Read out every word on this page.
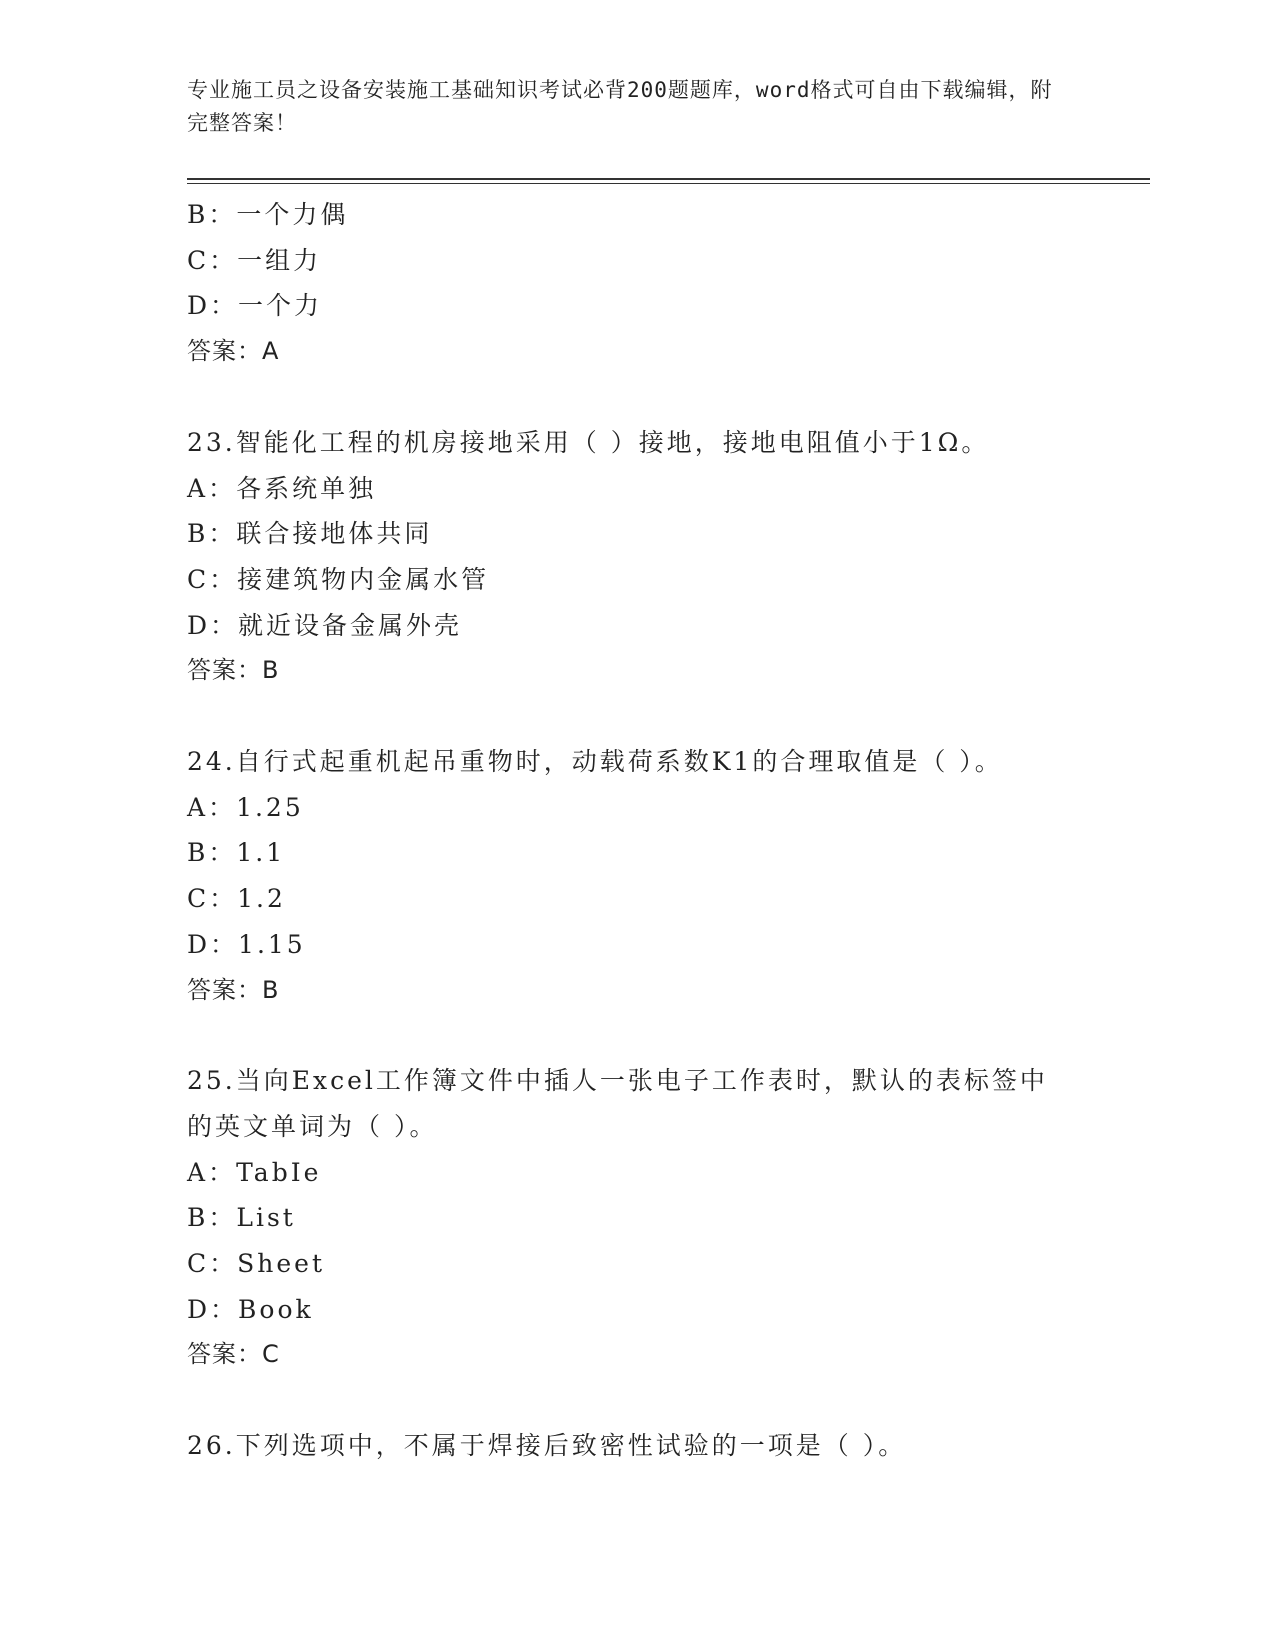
专业施工员之设备安装施工基础知识考试必背200题题库，word格式可自由下载编辑，附完整答案！
B：一个力偶
C：一组力
D：一个力
答案：A
23.智能化工程的机房接地采用（ ）接地，接地电阻值小于1Ω。
A：各系统单独
B：联合接地体共同
C：接建筑物内金属水管
D：就近设备金属外壳
答案：B
24.自行式起重机起吊重物时，动载荷系数K1的合理取值是（ ）。
A：1.25
B：1.1
C：1.2
D：1.15
答案：B
25.当向Excel工作簿文件中插人一张电子工作表时，默认的表标签中
的英文单词为（ ）。
A：TabIe
B：List
C：Sheet
D：Book
答案：C
26.下列选项中，不属于焊接后致密性试验的一项是（ ）。
